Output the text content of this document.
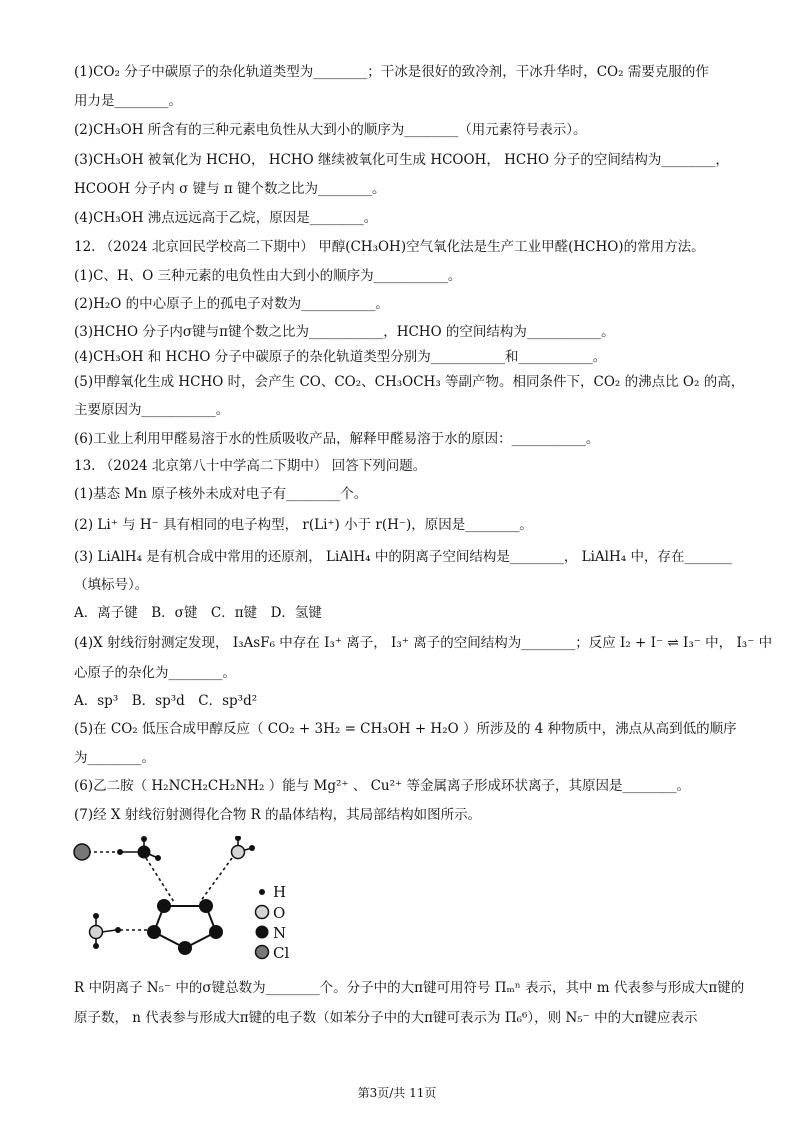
(1)CO₂ 分子中碳原子的杂化轨道类型为________；干冰是很好的致冷剂，干冰升华时，CO₂ 需要克服的作
用力是________。
(2)CH₃OH 所含有的三种元素电负性从大到小的顺序为________（用元素符号表示）。
(3)CH₃OH 被氧化为 HCHO， HCHO 继续被氧化可生成 HCOOH， HCHO 分子的空间结构为________，
HCOOH 分子内 σ 键与 π 键个数之比为________。
(4)CH₃OH 沸点远远高于乙烷，原因是________。
12. （2024 北京回民学校高二下期中） 甲醇(CH₃OH)空气氧化法是生产工业甲醛(HCHO)的常用方法。
(1)C、H、O 三种元素的电负性由大到小的顺序为___________。
(2)H₂O 的中心原子上的孤电子对数为___________。
(3)HCHO 分子内σ键与π键个数之比为___________，HCHO 的空间结构为___________。
(4)CH₃OH 和 HCHO 分子中碳原子的杂化轨道类型分别为___________和___________。
(5)甲醇氧化生成 HCHO 时，会产生 CO、CO₂、CH₃OCH₃ 等副产物。相同条件下，CO₂ 的沸点比 O₂ 的高，
主要原因为___________。
(6)工业上利用甲醛易溶于水的性质吸收产品，解释甲醛易溶于水的原因：___________。
13. （2024 北京第八十中学高二下期中） 回答下列问题。
(1)基态 Mn 原子核外未成对电子有________个。
(2) Li⁺ 与 H⁻ 具有相同的电子构型， r(Li⁺) 小于 r(H⁻)，原因是________。
(3) LiAlH₄ 是有机合成中常用的还原剂， LiAlH₄ 中的阴离子空间结构是________， LiAlH₄ 中，存在_______
（填标号）。
A．离子键　B．σ键　C．π键　D．氢键
(4)X 射线衍射测定发现， I₃AsF₆ 中存在 I₃⁺ 离子， I₃⁺ 离子的空间结构为________；反应 I₂ + I⁻ ⇌ I₃⁻ 中， I₃⁻ 中
心原子的杂化为________。
A．sp³　B．sp³d　C．sp³d²
(5)在 CO₂ 低压合成甲醇反应（ CO₂ + 3H₂ = CH₃OH + H₂O ）所涉及的 4 种物质中，沸点从高到低的顺序
为________。
(6)乙二胺（ H₂NCH₂CH₂NH₂ ）能与 Mg²⁺ 、 Cu²⁺ 等金属离子形成环状离子，其原因是________。
(7)经 X 射线衍射测得化合物 R 的晶体结构，其局部结构如图所示。
H
O
N
Cl
R 中阴离子 N₅⁻ 中的σ键总数为________个。分子中的大π键可用符号 Πₘⁿ 表示，其中 m 代表参与形成大π键的
原子数， n 代表参与形成大π键的电子数（如苯分子中的大π键可表示为 Π₆⁶），则 N₅⁻ 中的大π键应表示
第3页/共 11页
